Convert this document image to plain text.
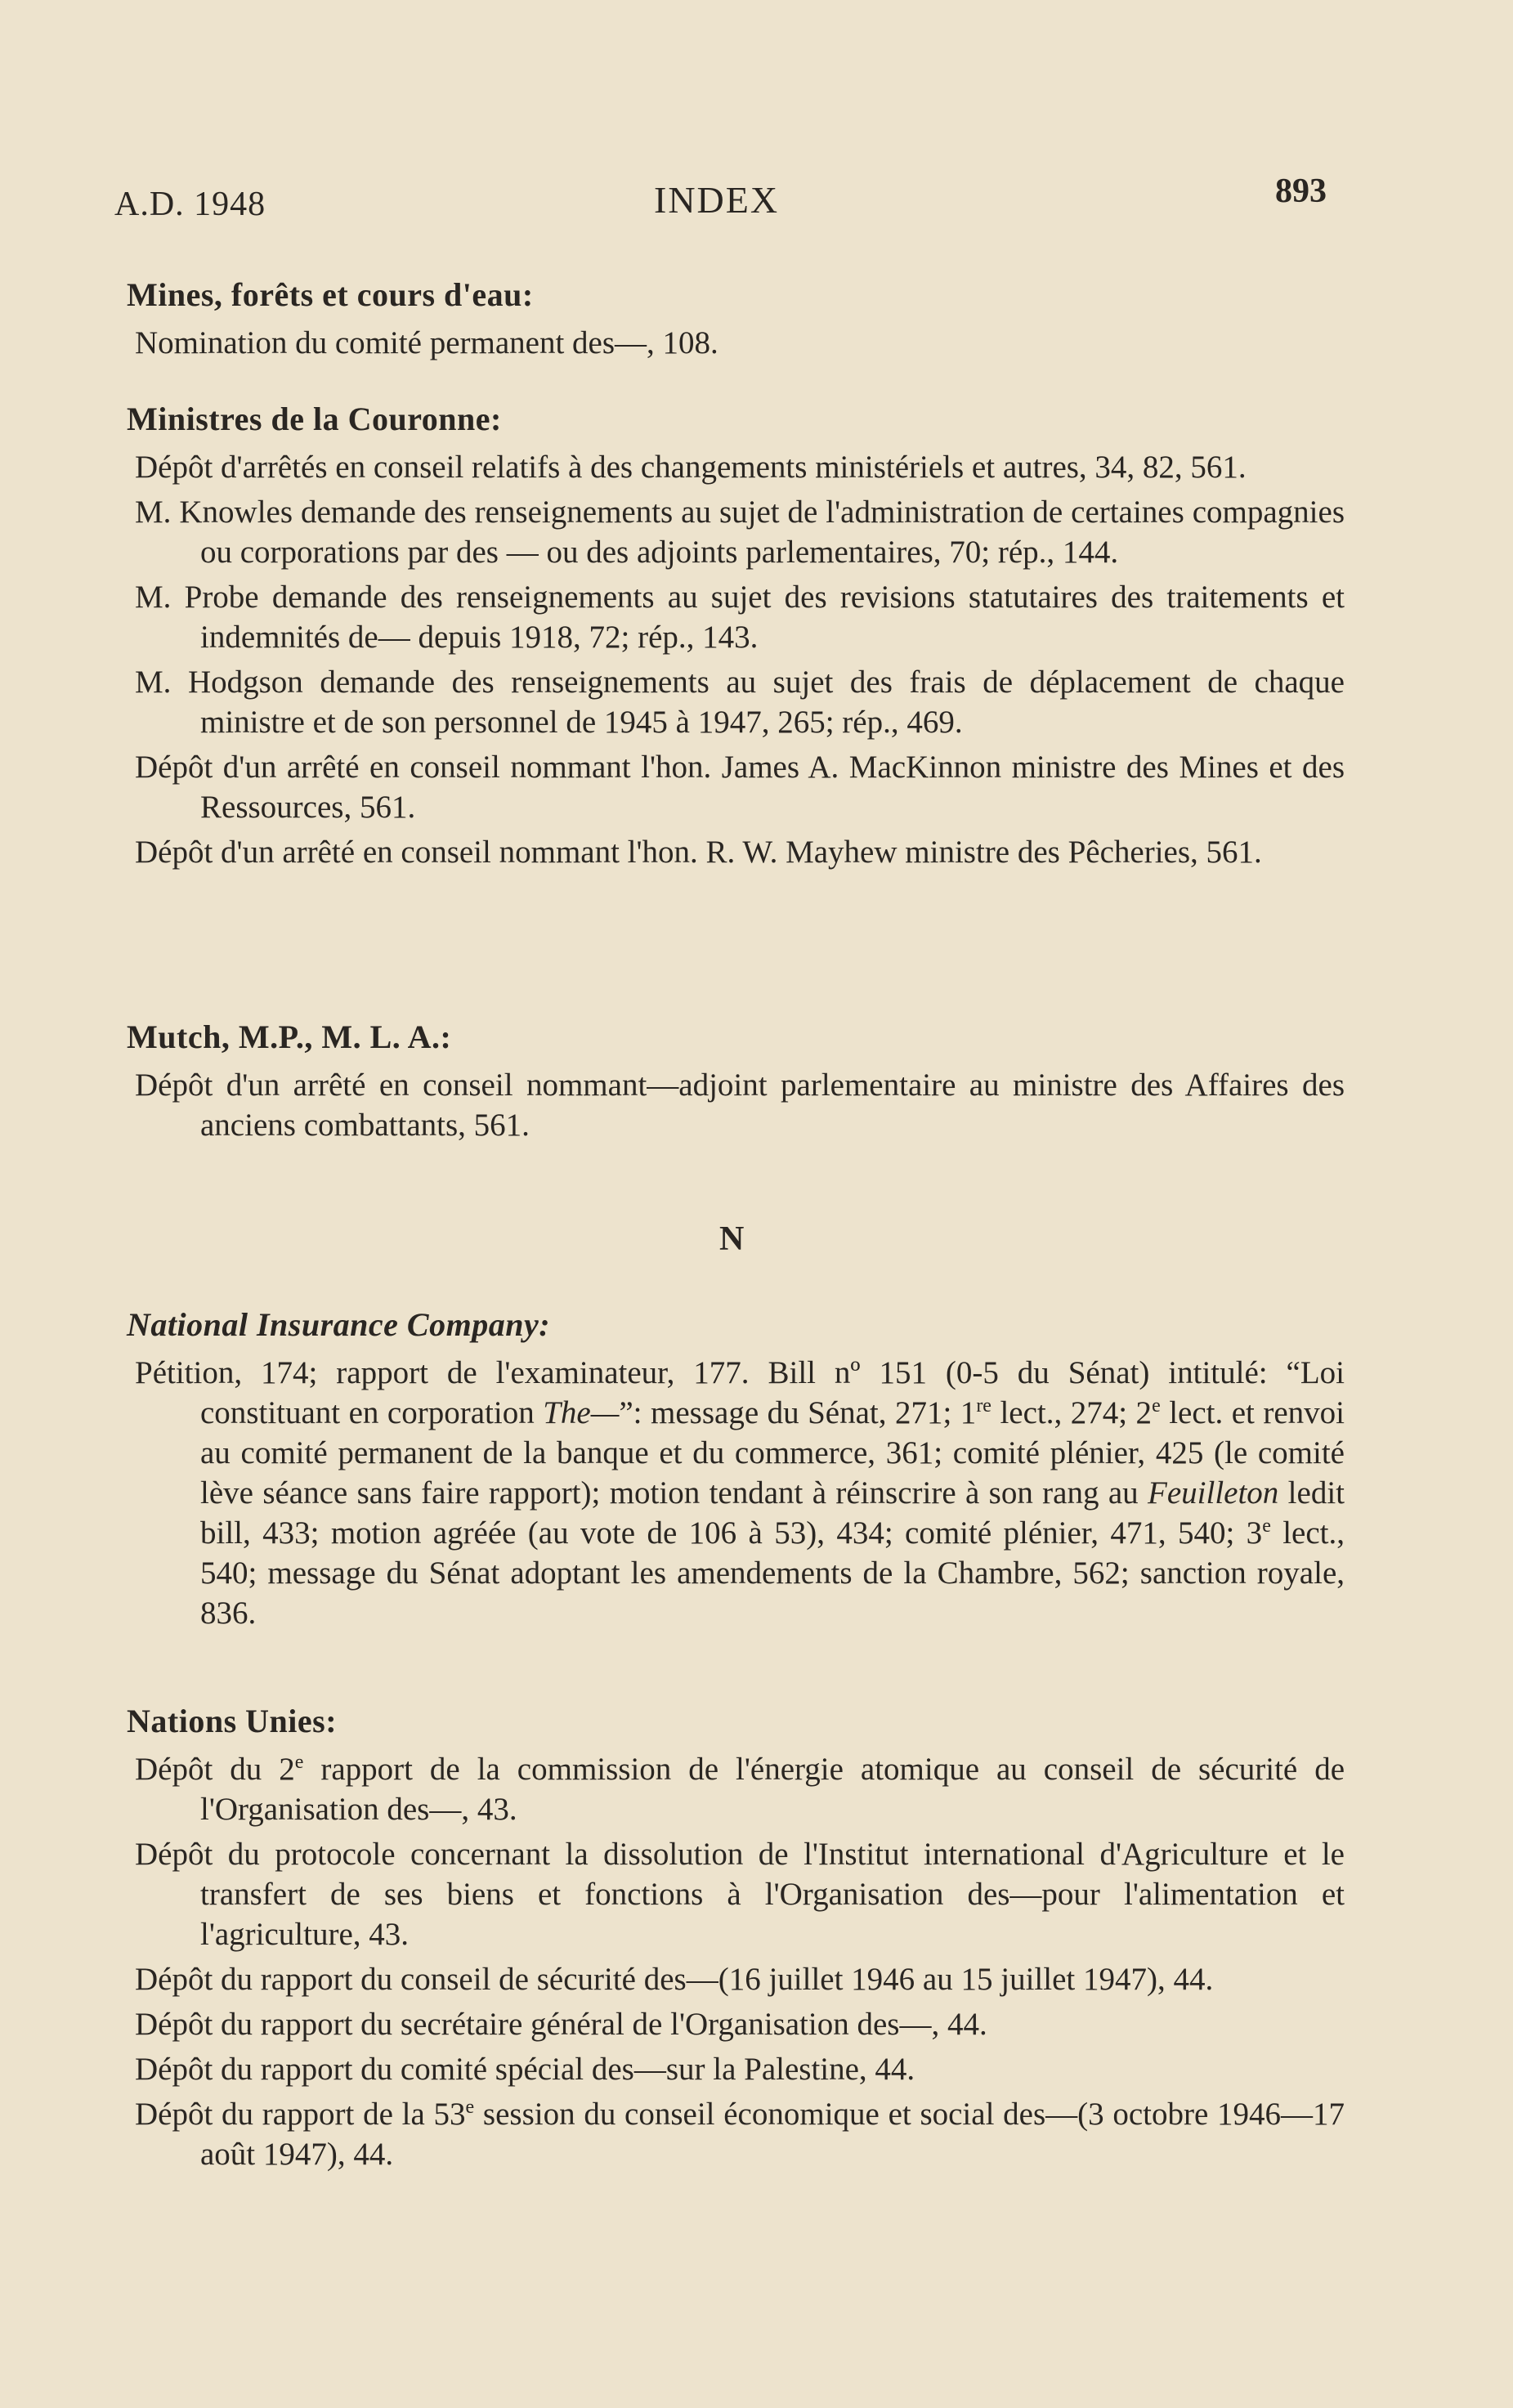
A.D. 1948	INDEX	893

Mines, forêts et cours d'eau:

Nomination du comité permanent des—, 108.

Ministres de la Couronne:

Dépôt d'arrêtés en conseil relatifs à des changements ministériels et autres, 34, 82, 561.

M. Knowles demande des renseignements au sujet de l'administration de certaines compagnies ou corporations par des — ou des adjoints parlementaires, 70; rép., 144.

M. Probe demande des renseignements au sujet des revisions statutaires des traitements et indemnités de— depuis 1918, 72; rép., 143.

M. Hodgson demande des renseignements au sujet des frais de déplacement de chaque ministre et de son personnel de 1945 à 1947, 265; rép., 469.

Dépôt d'un arrêté en conseil nommant l'hon. James A. MacKinnon ministre des Mines et des Ressources, 561.

Dépôt d'un arrêté en conseil nommant l'hon. R. W. Mayhew ministre des Pêcheries, 561.

Mutch, M.P., M. L. A.:

Dépôt d'un arrêté en conseil nommant—adjoint parlementaire au ministre des Affaires des anciens combattants, 561.

N

National Insurance Company:

Pétition, 174; rapport de l'examinateur, 177. Bill nº 151 (0-5 du Sénat) intitulé: “Loi constituant en corporation The—”: message du Sénat, 271; 1re lect., 274; 2e lect. et renvoi au comité permanent de la banque et du commerce, 361; comité plénier, 425 (le comité lève séance sans faire rapport); motion tendant à réinscrire à son rang au Feuilleton ledit bill, 433; motion agréée (au vote de 106 à 53), 434; comité plénier, 471, 540; 3e lect., 540; message du Sénat adoptant les amendements de la Chambre, 562; sanction royale, 836.

Nations Unies:

Dépôt du 2e rapport de la commission de l'énergie atomique au conseil de sécurité de l'Organisation des—, 43.

Dépôt du protocole concernant la dissolution de l'Institut international d'Agriculture et le transfert de ses biens et fonctions à l'Organisation des—pour l'alimentation et l'agriculture, 43.

Dépôt du rapport du conseil de sécurité des—(16 juillet 1946 au 15 juillet 1947), 44.

Dépôt du rapport du secrétaire général de l'Organisation des—, 44.

Dépôt du rapport du comité spécial des—sur la Palestine, 44.

Dépôt du rapport de la 53e session du conseil économique et social des—(3 octobre 1946—17 août 1947), 44.
